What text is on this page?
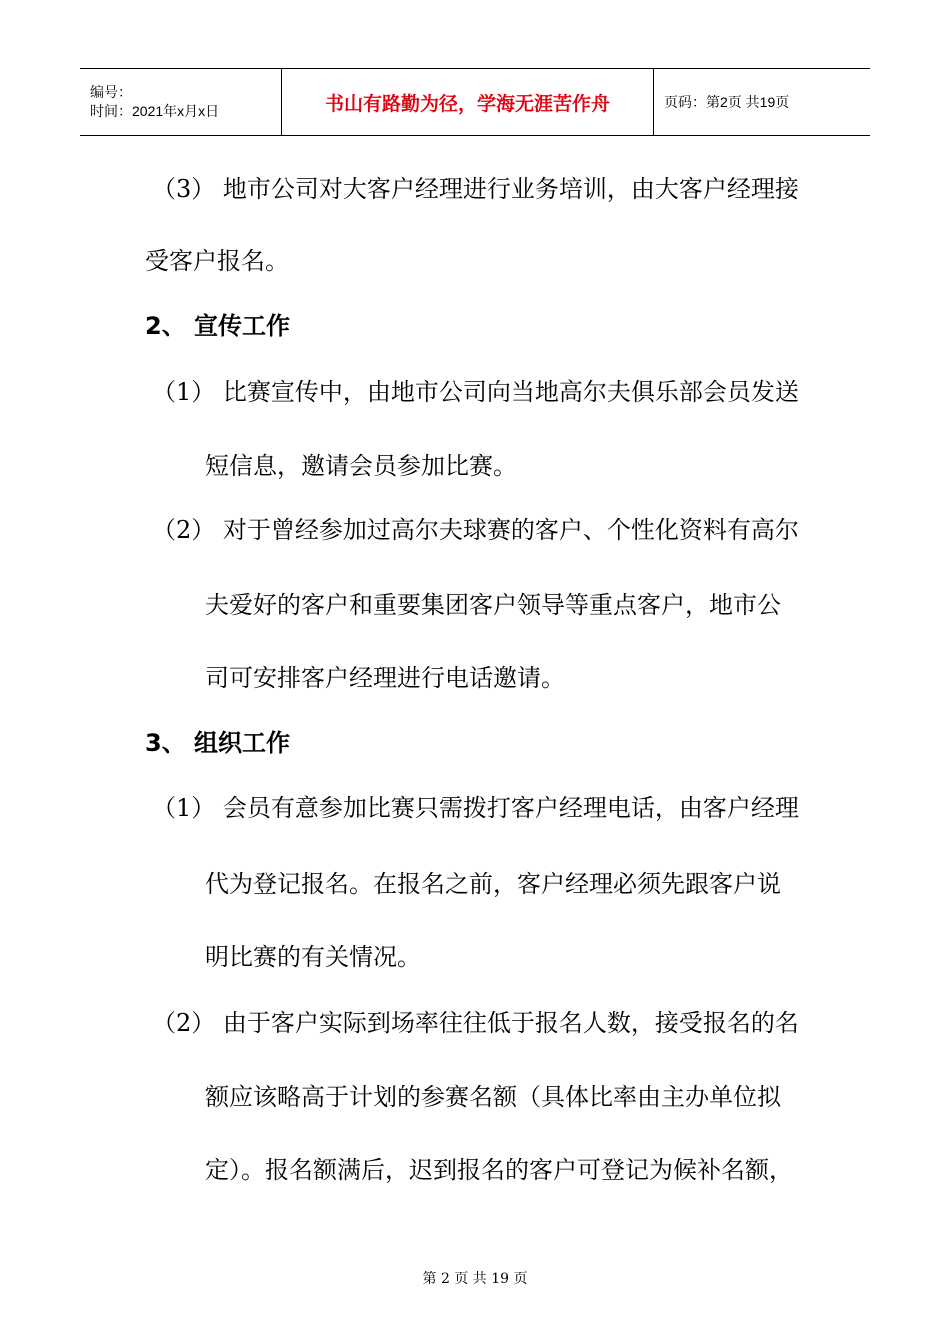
编号：
时间：2021年x月x日	书山有路勤为径，学海无涯苦作舟	页码：第2页 共19页
（3） 地市公司对大客户经理进行业务培训，由大客户经理接
受客户报名。
2、 宣传工作
（1） 比赛宣传中，由地市公司向当地高尔夫俱乐部会员发送
短信息，邀请会员参加比赛。
（2） 对于曾经参加过高尔夫球赛的客户、个性化资料有高尔
夫爱好的客户和重要集团客户领导等重点客户，地市公
司可安排客户经理进行电话邀请。
3、 组织工作
（1） 会员有意参加比赛只需拨打客户经理电话，由客户经理
代为登记报名。在报名之前，客户经理必须先跟客户说
明比赛的有关情况。
（2） 由于客户实际到场率往往低于报名人数，接受报名的名
额应该略高于计划的参赛名额（具体比率由主办单位拟
定）。报名额满后，迟到报名的客户可登记为候补名额，
第 2 页 共 19 页
